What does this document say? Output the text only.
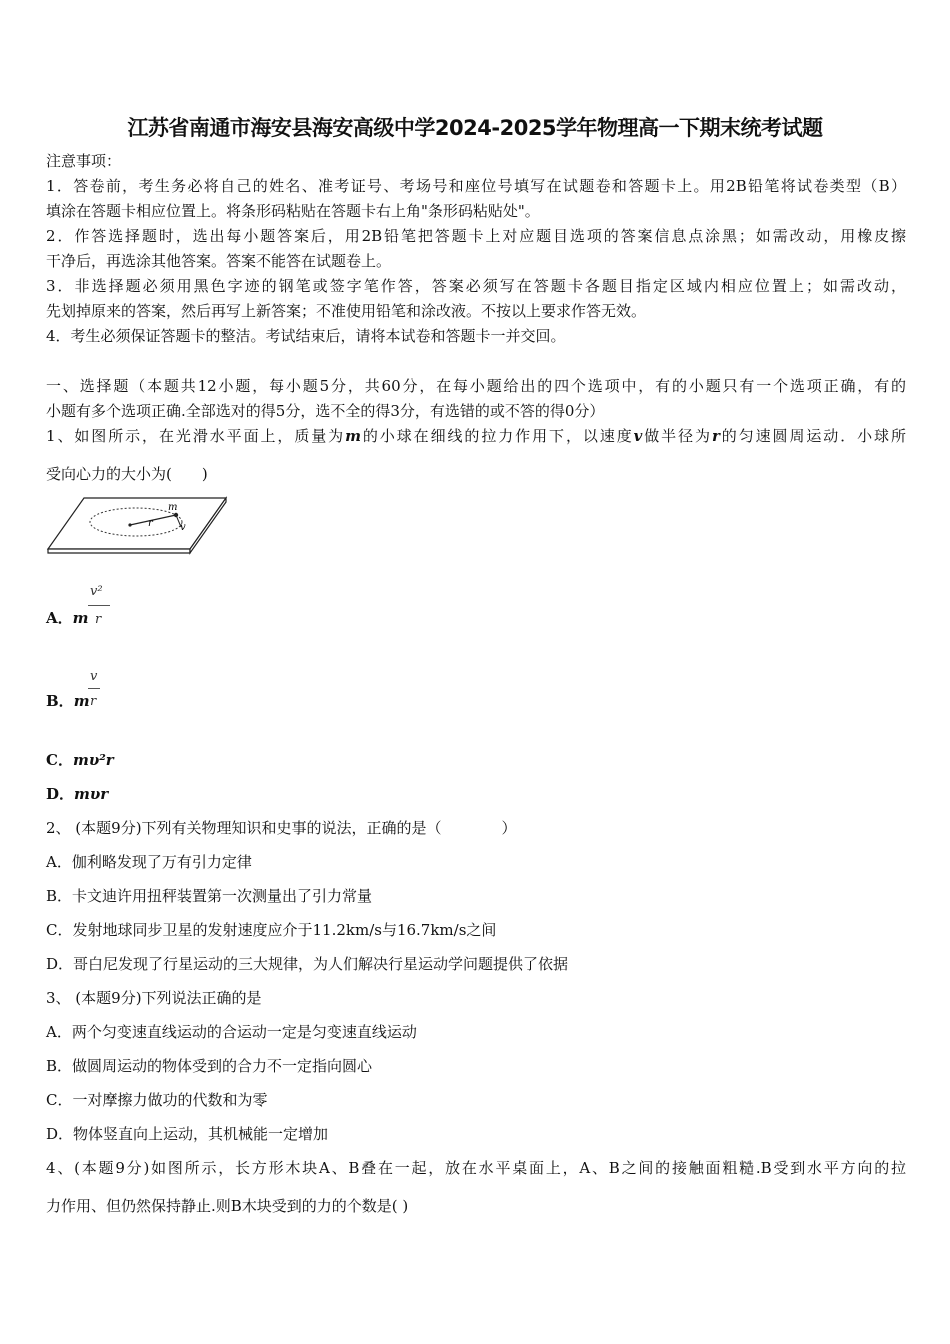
江苏省南通市海安县海安高级中学2024-2025学年物理高一下期末统考试题
注意事项：
1．答卷前，考生务必将自己的姓名、准考证号、考场号和座位号填写在试题卷和答题卡上。用2B铅笔将试卷类型（B）
填涂在答题卡相应位置上。将条形码粘贴在答题卡右上角"条形码粘贴处"。
2．作答选择题时，选出每小题答案后，用2B铅笔把答题卡上对应题目选项的答案信息点涂黑；如需改动，用橡皮擦
干净后，再选涂其他答案。答案不能答在试题卷上。
3．非选择题必须用黑色字迹的钢笔或签字笔作答，答案必须写在答题卡各题目指定区域内相应位置上；如需改动，
先划掉原来的答案，然后再写上新答案；不准使用铅笔和涂改液。不按以上要求作答无效。
4．考生必须保证答题卡的整洁。考试结束后，请将本试卷和答题卡一并交回。
一、选择题（本题共12小题，每小题5分，共60分，在每小题给出的四个选项中，有的小题只有一个选项正确，有的
小题有多个选项正确.全部选对的得5分，选不全的得3分，有选错的或不答的得0分）
1、如图所示，在光滑水平面上，质量为m的小球在细线的拉力作用下，以速度v做半径为r的匀速圆周运动．小球所
受向心力的大小为(　　)
m
r	v
A．m
v²
r
B．m
v
r
C．mυ²r
D．mυr
2、 (本题9分)下列有关物理知识和史事的说法，正确的是（　　　　）
A．伽利略发现了万有引力定律
B．卡文迪许用扭秤装置第一次测量出了引力常量
C．发射地球同步卫星的发射速度应介于11.2km/s与16.7km/s之间
D．哥白尼发现了行星运动的三大规律，为人们解决行星运动学问题提供了依据
3、 (本题9分)下列说法正确的是
A．两个匀变速直线运动的合运动一定是匀变速直线运动
B．做圆周运动的物体受到的合力不一定指向圆心
C．一对摩擦力做功的代数和为零
D．物体竖直向上运动，其机械能一定增加
4、(本题9分)如图所示，长方形木块A、B叠在一起，放在水平桌面上，A、B之间的接触面粗糙.B受到水平方向的拉
力作用、但仍然保持静止.则B木块受到的力的个数是( )
